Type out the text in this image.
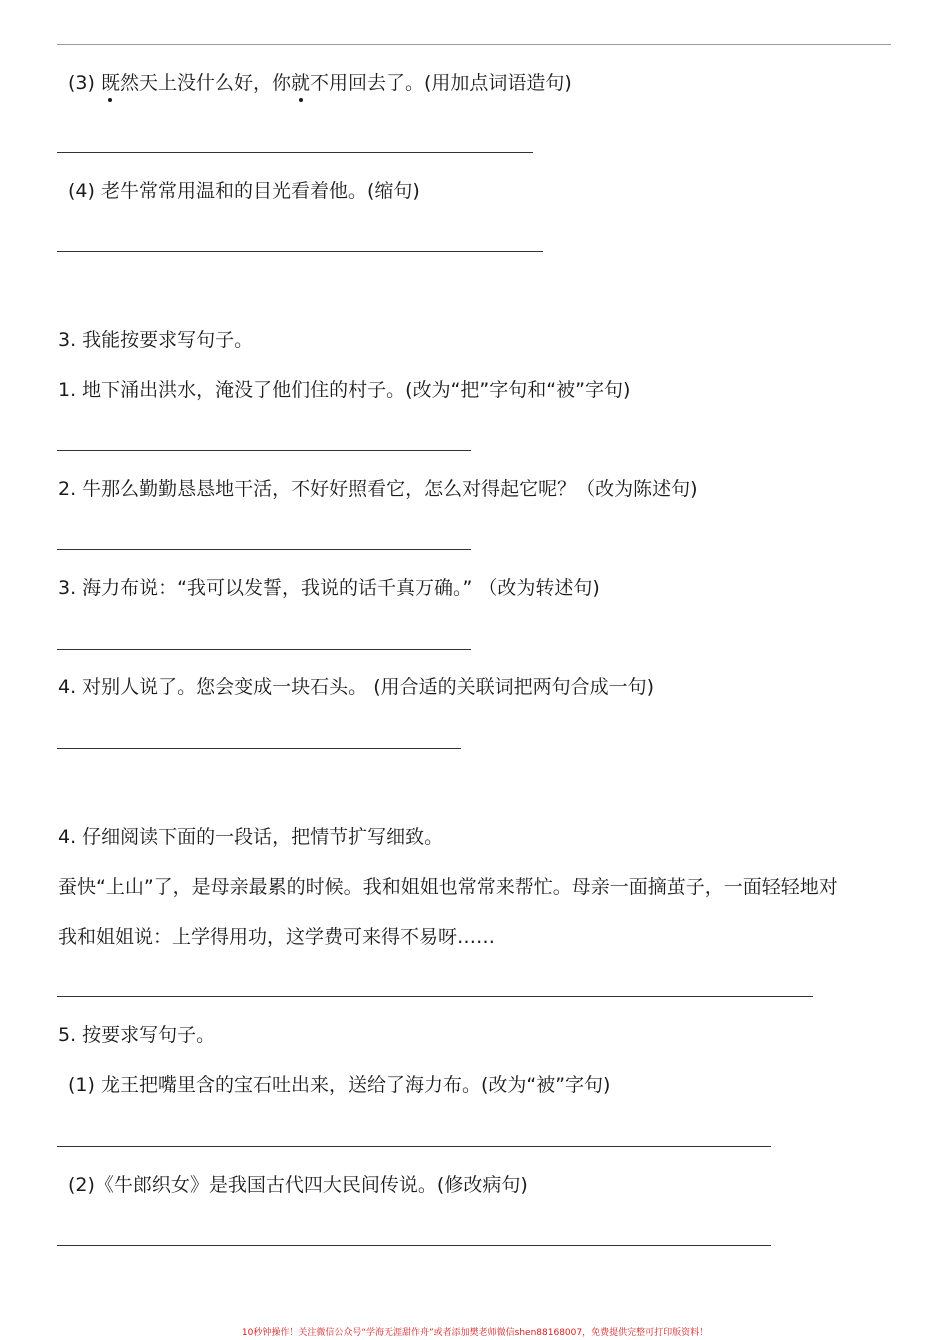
(3) 既然天上没什么好，你就不用回去了。(用加点词语造句)
(4) 老牛常常用温和的目光看着他。(缩句)
3. 我能按要求写句子。
1. 地下涌出洪水，淹没了他们住的村子。(改为“把”字句和“被”字句)
2. 牛那么勤勤恳恳地干活，不好好照看它，怎么对得起它呢？（改为陈述句)
3. 海力布说：“我可以发誓，我说的话千真万确。” （改为转述句)
4. 对别人说了。您会变成一块石头。 (用合适的关联词把两句合成一句)
4. 仔细阅读下面的一段话，把情节扩写细致。
蚕快“上山”了，是母亲最累的时候。我和姐姐也常常来帮忙。母亲一面摘茧子，一面轻轻地对
我和姐姐说：上学得用功，这学费可来得不易呀……
5. 按要求写句子。
(1) 龙王把嘴里含的宝石吐出来，送给了海力布。(改为“被”字句)
(2)《牛郎织女》是我国古代四大民间传说。(修改病句)
10秒钟操作！关注微信公众号“学海无涯甜作舟”或者添加樊老师微信shen88168007，免费提供完整可打印版资料！
